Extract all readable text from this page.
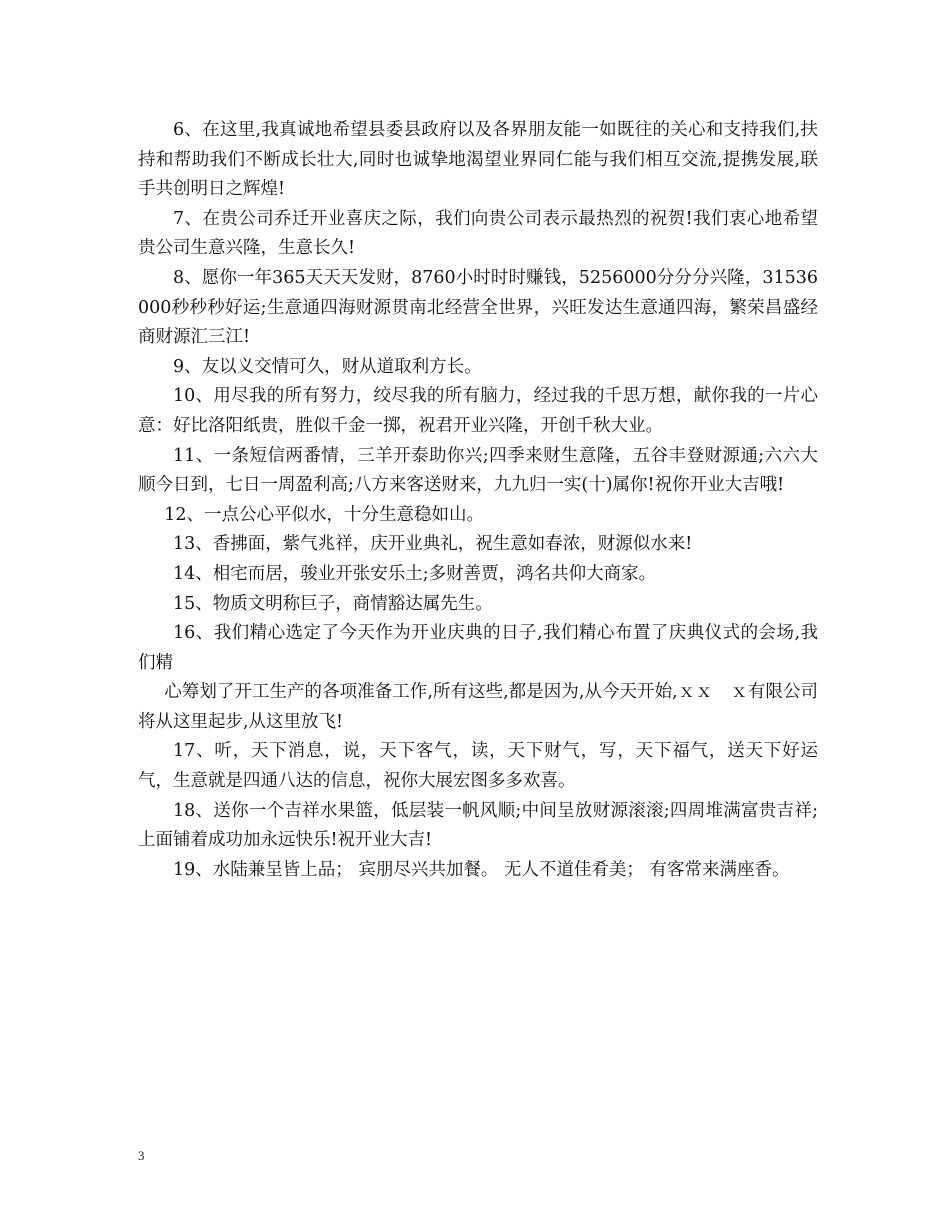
6、在这里,我真诚地希望县委县政府以及各界朋友能一如既往的关心和支持我们,扶持和帮助我们不断成长壮大,同时也诚挚地渴望业界同仁能与我们相互交流,提携发展,联手共创明日之辉煌!

7、在贵公司乔迁开业喜庆之际，我们向贵公司表示最热烈的祝贺!我们衷心地希望贵公司生意兴隆，生意长久!

8、愿你一年365天天天发财，8760小时时时赚钱，5256000分分分兴隆，31536000秒秒秒好运;生意通四海财源贯南北经营全世界，兴旺发达生意通四海，繁荣昌盛经商财源汇三江!

9、友以义交情可久，财从道取利方长。

10、用尽我的所有努力，绞尽我的所有脑力，经过我的千思万想，献你我的一片心意：好比洛阳纸贵，胜似千金一掷，祝君开业兴隆，开创千秋大业。

11、一条短信两番情，三羊开泰助你兴;四季来财生意隆，五谷丰登财源通;六六大顺今日到，七日一周盈利高;八方来客送财来，九九归一实(十)属你!祝你开业大吉哦!

12、一点公心平似水，十分生意稳如山。

13、香拂面，紫气兆祥，庆开业典礼，祝生意如春浓，财源似水来!

14、相宅而居，骏业开张安乐土;多财善贾，鸿名共仰大商家。

15、物质文明称巨子，商情豁达属先生。

16、我们精心选定了今天作为开业庆典的日子,我们精心布置了庆典仪式的会场,我们精

心筹划了开工生产的各项准备工作,所有这些,都是因为,从今天开始,ｘｘ　ｘ有限公司将从这里起步,从这里放飞!

17、听，天下消息，说，天下客气，读，天下财气，写，天下福气，送天下好运气，生意就是四通八达的信息，祝你大展宏图多多欢喜。

18、送你一个吉祥水果篮，低层装一帆风顺;中间呈放财源滚滚;四周堆满富贵吉祥;上面铺着成功加永远快乐!祝开业大吉!

19、水陆兼呈皆上品； 宾朋尽兴共加餐。 无人不道佳肴美； 有客常来满座香。

3
